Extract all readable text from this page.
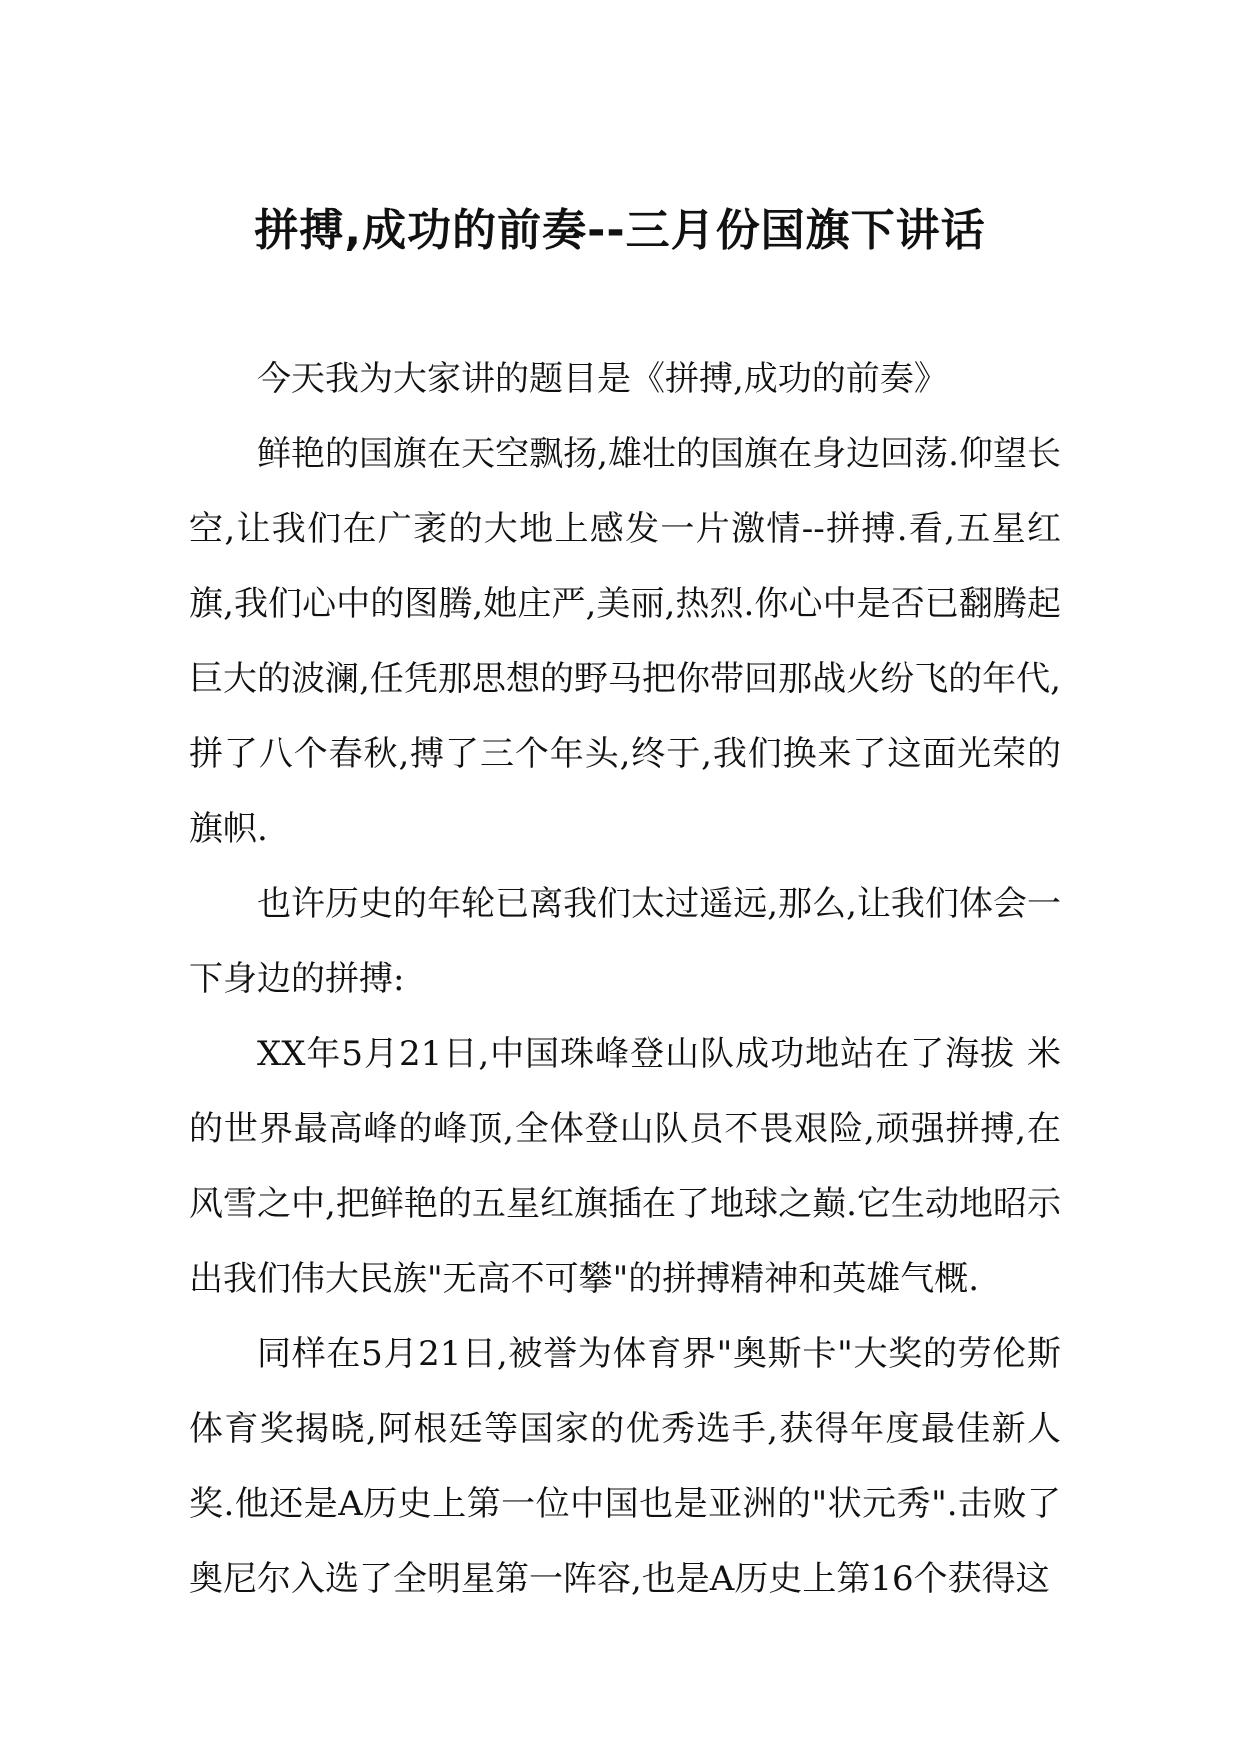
拼搏,成功的前奏--三月份国旗下讲话

今天我为大家讲的题目是《拼搏,成功的前奏》

鲜艳的国旗在天空飘扬,雄壮的国旗在身边回荡.仰望长空,让我们在广袤的大地上感发一片激情--拼搏.看,五星红旗,我们心中的图腾,她庄严,美丽,热烈.你心中是否已翻腾起巨大的波澜,任凭那思想的野马把你带回那战火纷飞的年代,拼了八个春秋,搏了三个年头,终于,我们换来了这面光荣的旗帜.

也许历史的年轮已离我们太过遥远,那么,让我们体会一下身边的拼搏:

XX年5月21日,中国珠峰登山队成功地站在了海拔 米的世界最高峰的峰顶,全体登山队员不畏艰险,顽强拼搏,在风雪之中,把鲜艳的五星红旗插在了地球之巅.它生动地昭示出我们伟大民族"无高不可攀"的拼搏精神和英雄气概.

同样在5月21日,被誉为体育界"奥斯卡"大奖的劳伦斯体育奖揭晓,阿根廷等国家的优秀选手,获得年度最佳新人奖.他还是A历史上第一位中国也是亚洲的"状元秀".击败了奥尼尔入选了全明星第一阵容,也是A历史上第16个获得这
